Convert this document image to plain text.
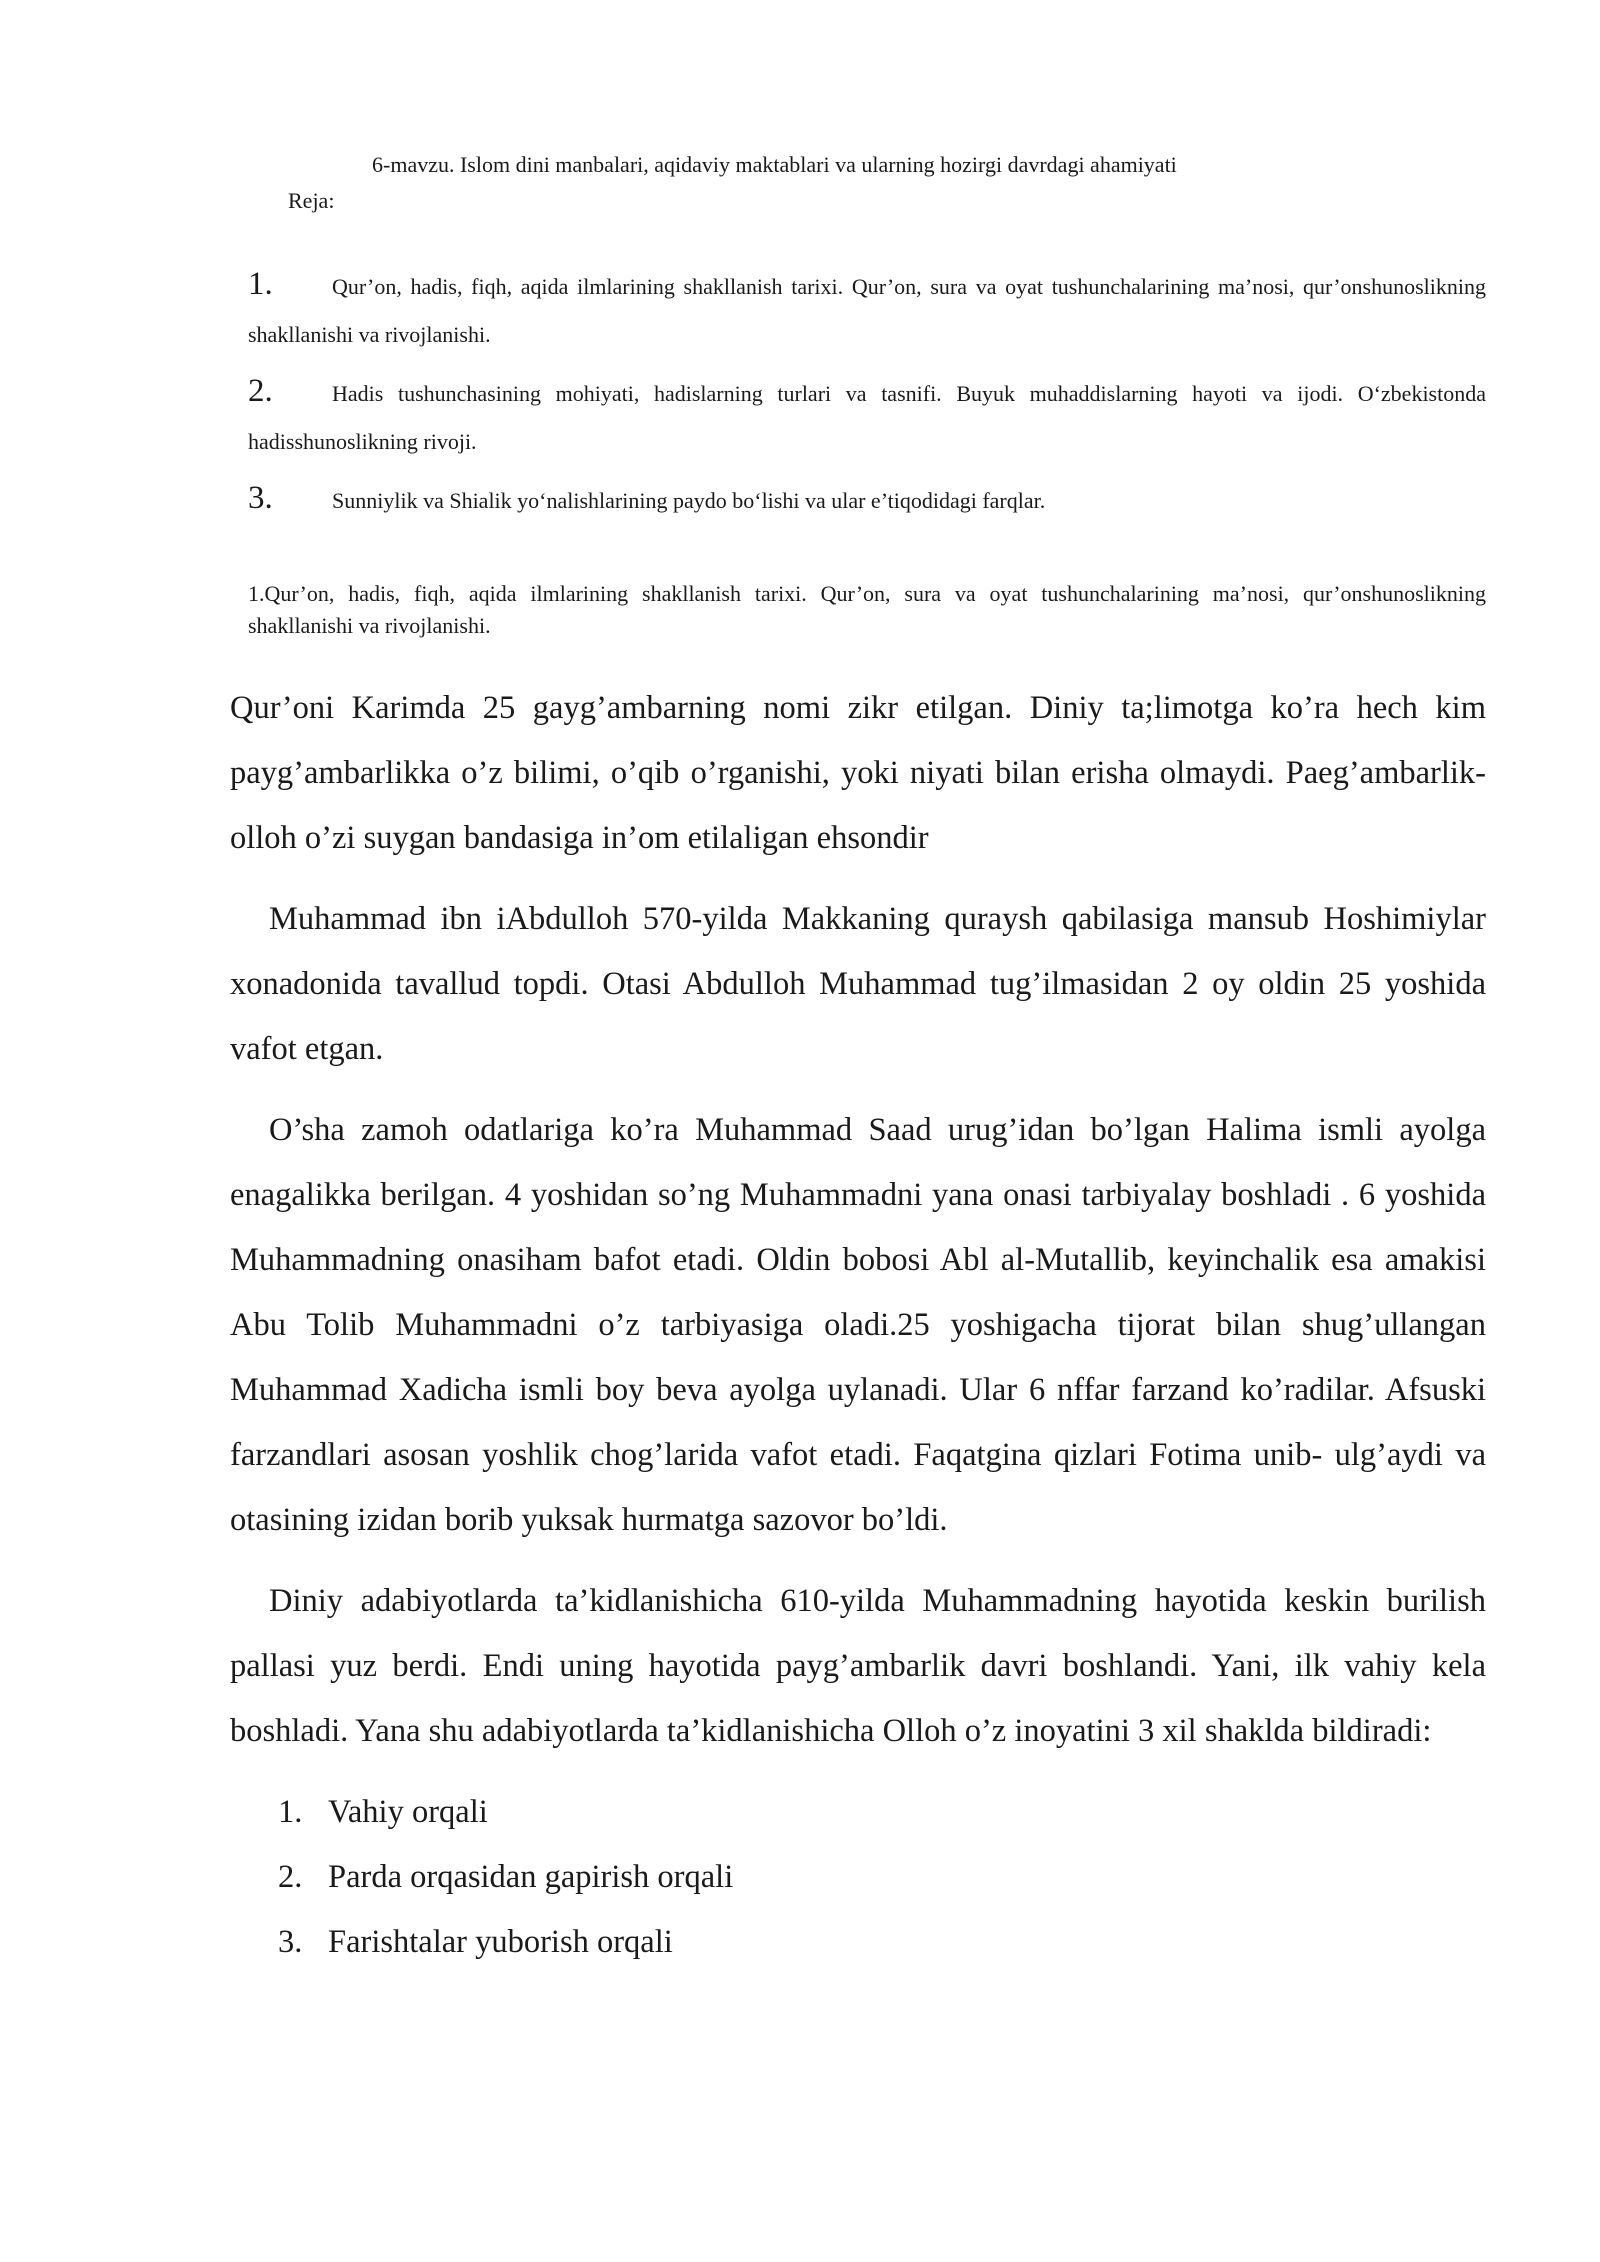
6-mavzu. Islom dini manbalari, aqidaviy maktablari va ularning hozirgi davrdagi ahamiyati
Reja:
1.	Qur’on, hadis, fiqh, aqida ilmlarining shakllanish tarixi. Qur’on, sura va oyat tushunchalarining ma’nosi, qur’onshunoslikning shakllanishi va rivojlanishi.
2.	Hadis tushunchasining mohiyati, hadislarning turlari va tasnifi. Buyuk muhaddislarning hayoti va ijodi. O‘zbekistonda hadisshunoslikning rivoji.
3.	Sunniylik va Shialik yo‘nalishlarining paydo bo‘lishi va ular e’tiqodidagi farqlar.
1.Qur’on, hadis, fiqh, aqida ilmlarining shakllanish tarixi. Qur’on, sura va oyat tushunchalarining ma’nosi, qur’onshunoslikning shakllanishi va rivojlanishi.

Qur’oni Karimda 25 gayg’ambarning nomi zikr etilgan. Diniy ta;limotga ko’ra hech kim payg’ambarlikka o’z bilimi, o’qib o’rganishi, yoki niyati bilan erisha olmaydi. Paeg’ambarlik- olloh o’zi suygan bandasiga in’om etilaligan ehsondir

Muhammad ibn iAbdulloh 570-yilda Makkaning quraysh qabilasiga mansub Hoshimiylar xonadonida tavallud topdi. Otasi Abdulloh Muhammad tug’ilmasidan 2 oy oldin 25 yoshida vafot etgan.

O’sha zamoh odatlariga ko’ra Muhammad Saad urug’idan bo’lgan Halima ismli ayolga enagalikka berilgan. 4 yoshidan so’ng Muhammadni yana onasi tarbiyalay boshladi . 6 yoshida Muhammadning onasiham bafot etadi. Oldin bobosi Abl al-Mutallib, keyinchalik esa amakisi Abu Tolib Muhammadni o’z tarbiyasiga oladi.25 yoshigacha tijorat bilan shug’ullangan Muhammad Xadicha ismli boy beva ayolga uylanadi. Ular 6 nffar farzand ko’radilar. Afsuski farzandlari asosan yoshlik chog’larida vafot etadi. Faqatgina qizlari Fotima unib- ulg’aydi va otasining izidan borib yuksak hurmatga sazovor bo’ldi.

Diniy adabiyotlarda ta’kidlanishicha 610-yilda Muhammadning hayotida keskin burilish pallasi yuz berdi. Endi uning hayotida payg’ambarlik davri boshlandi. Yani, ilk vahiy kela boshladi. Yana shu adabiyotlarda ta’kidlanishicha Olloh o’z inoyatini 3 xil shaklda bildiradi:

1. Vahiy orqali
2. Parda orqasidan gapirish orqali
3. Farishtalar yuborish orqali
